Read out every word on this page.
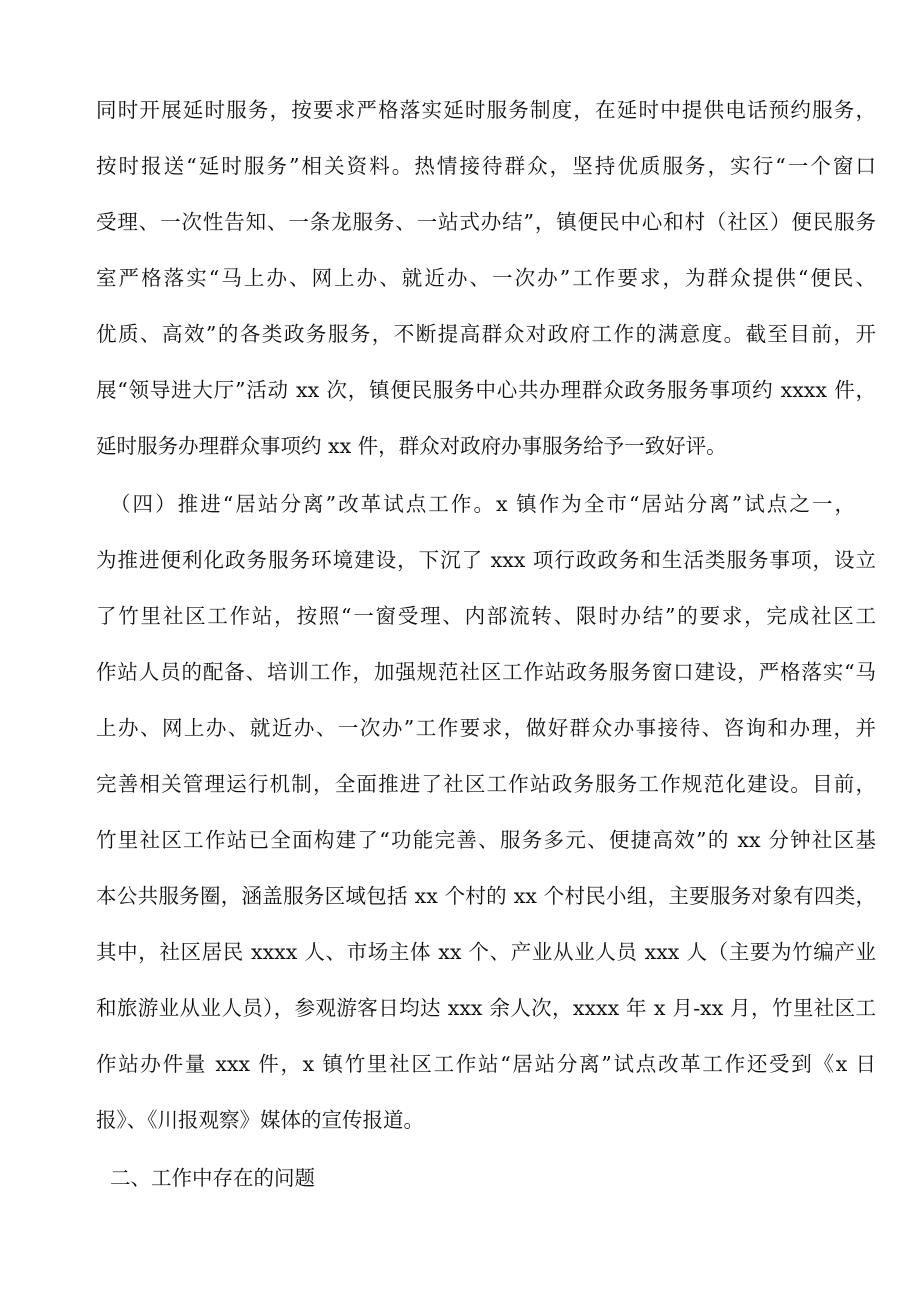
同时开展延时服务，按要求严格落实延时服务制度，在延时中提供电话预约服务，
按时报送“延时服务”相关资料。热情接待群众，坚持优质服务，实行“一个窗口
受理、一次性告知、一条龙服务、一站式办结”，镇便民中心和村（社区）便民服务
室严格落实“马上办、网上办、就近办、一次办”工作要求，为群众提供“便民、
优质、高效”的各类政务服务，不断提高群众对政府工作的满意度。截至目前，开
展“领导进大厅”活动 xx 次，镇便民服务中心共办理群众政务服务事项约 xxxx 件，
延时服务办理群众事项约 xx 件，群众对政府办事服务给予一致好评。
（四）推进“居站分离”改革试点工作。x 镇作为全市“居站分离”试点之一，
为推进便利化政务服务环境建设，下沉了 xxx 项行政政务和生活类服务事项，设立
了竹里社区工作站，按照“一窗受理、内部流转、限时办结”的要求，完成社区工
作站人员的配备、培训工作，加强规范社区工作站政务服务窗口建设，严格落实“马
上办、网上办、就近办、一次办”工作要求，做好群众办事接待、咨询和办理，并
完善相关管理运行机制，全面推进了社区工作站政务服务工作规范化建设。目前，
竹里社区工作站已全面构建了“功能完善、服务多元、便捷高效”的 xx 分钟社区基
本公共服务圈，涵盖服务区域包括 xx 个村的 xx 个村民小组，主要服务对象有四类，
其中，社区居民 xxxx 人、市场主体 xx 个、产业从业人员 xxx 人（主要为竹编产业
和旅游业从业人员），参观游客日均达 xxx 余人次，xxxx 年 x 月-xx 月，竹里社区工
作站办件量 xxx 件，x 镇竹里社区工作站“居站分离”试点改革工作还受到《x 日
报》、《川报观察》媒体的宣传报道。
二、工作中存在的问题
